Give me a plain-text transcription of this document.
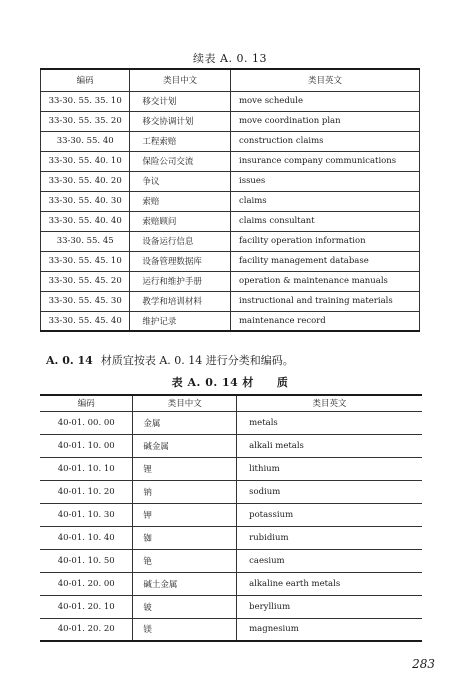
续表 A. 0. 13
编码	类目中文	类目英文
33-30. 55. 35. 10	移交计划	move schedule
33-30. 55. 35. 20	移交协调计划	move coordination plan
33-30. 55. 40	工程索赔	construction claims
33-30. 55. 40. 10	保险公司交流	insurance company communications
33-30. 55. 40. 20	争议	issues
33-30. 55. 40. 30	索赔	claims
33-30. 55. 40. 40	索赔顾问	claims consultant
33-30. 55. 45	设备运行信息	facility operation information
33-30. 55. 45. 10	设备管理数据库	facility management database
33-30. 55. 45. 20	运行和维护手册	operation & maintenance manuals
33-30. 55. 45. 30	教学和培训材料	instructional and training materials
33-30. 55. 45. 40	维护记录	maintenance record
A. 0. 14 材质宜按表 A. 0. 14 进行分类和编码。
表 A. 0. 14 材　　质
编码	类目中文	类目英文
40-01. 00. 00	金属	metals
40-01. 10. 00	碱金属	alkali metals
40-01. 10. 10	锂	lithium
40-01. 10. 20	钠	sodium
40-01. 10. 30	钾	potassium
40-01. 10. 40	铷	rubidium
40-01. 10. 50	铯	caesium
40-01. 20. 00	碱土金属	alkaline earth metals
40-01. 20. 10	铍	beryllium
40-01. 20. 20	镁	magnesium
283
